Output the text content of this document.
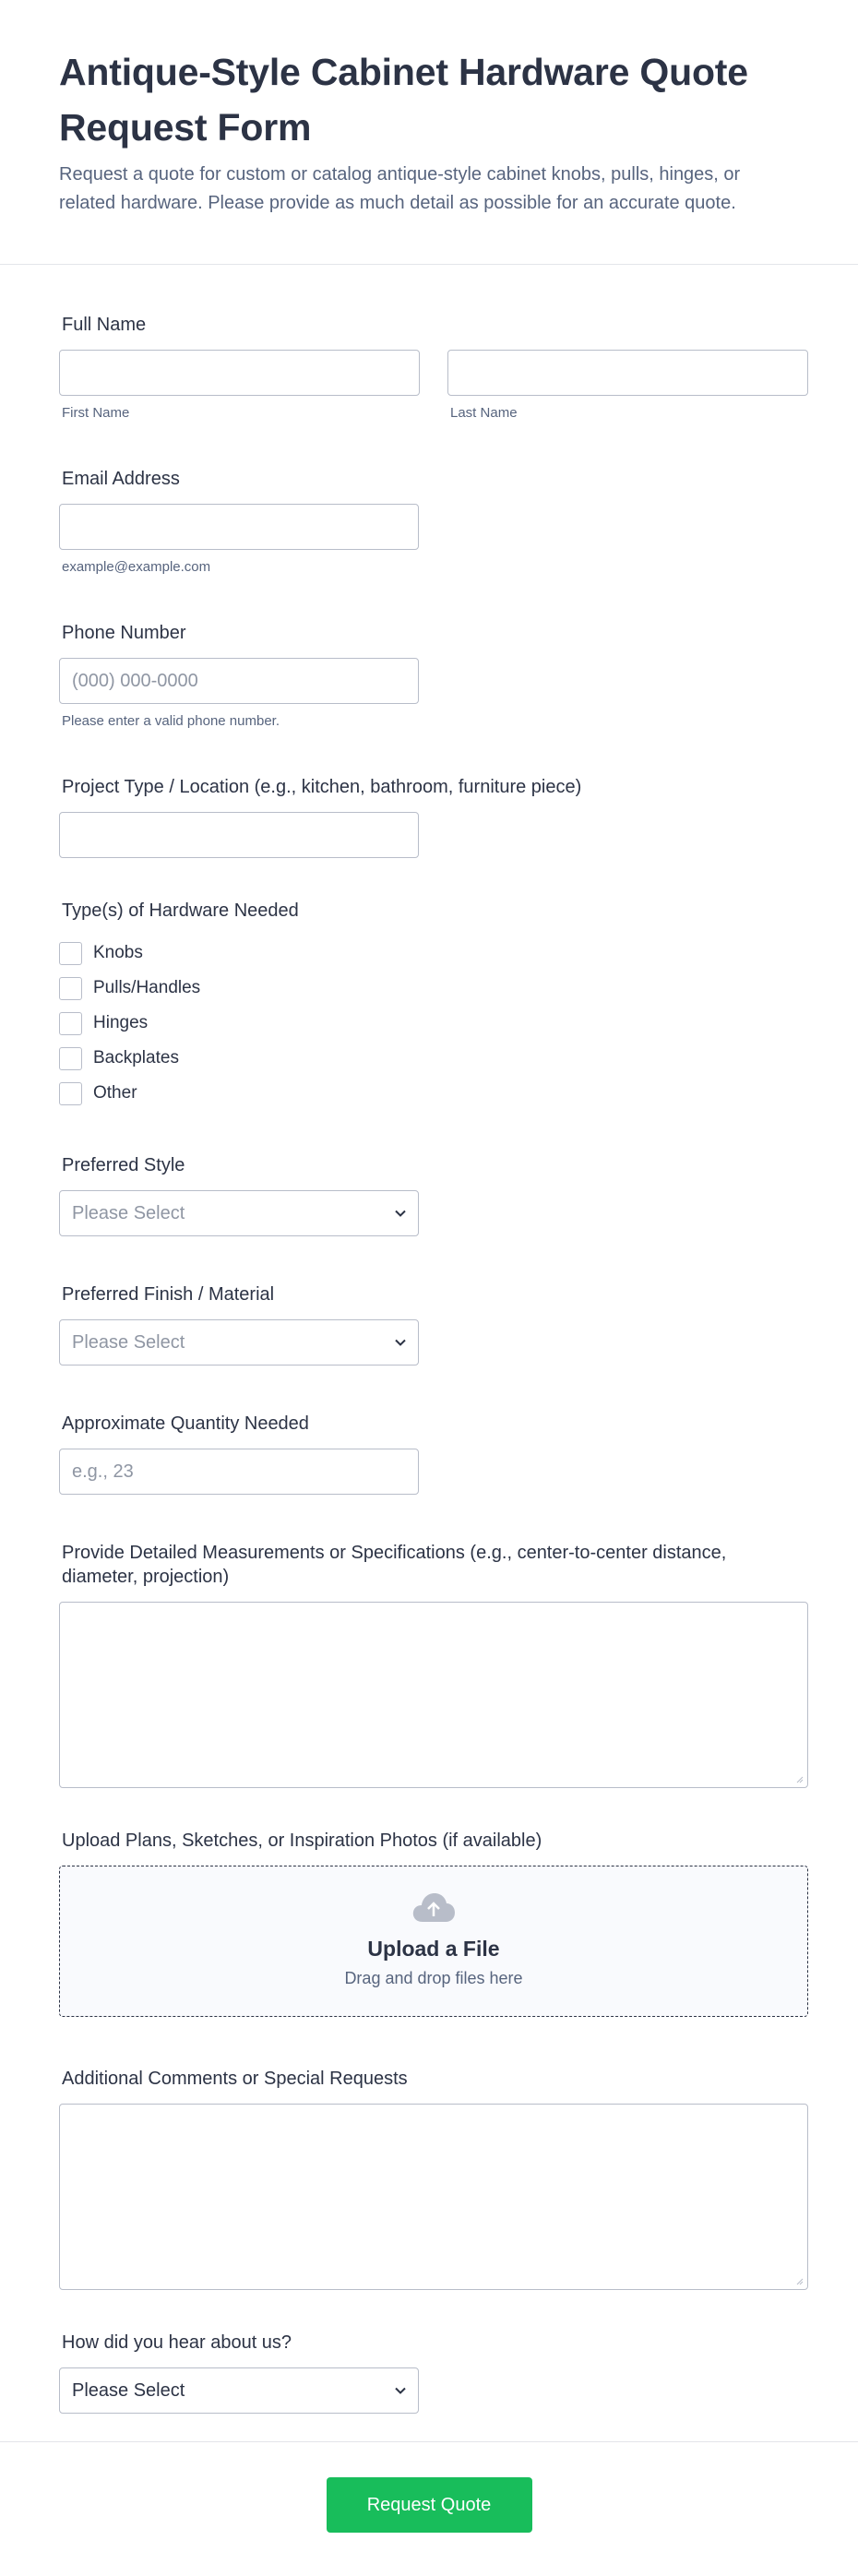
Antique-Style Cabinet Hardware Quote Request Form

Request a quote for custom or catalog antique-style cabinet knobs, pulls, hinges, or related hardware. Please provide as much detail as possible for an accurate quote.

Full Name
First Name	Last Name
Email Address
example@example.com
Phone Number
(000) 000-0000
Please enter a valid phone number.
Project Type / Location (e.g., kitchen, bathroom, furniture piece)
Type(s) of Hardware Needed
Knobs
Pulls/Handles
Hinges
Backplates
Other
Preferred Style
Please Select
Preferred Finish / Material
Please Select
Approximate Quantity Needed
e.g., 23
Provide Detailed Measurements or Specifications (e.g., center-to-center distance, diameter, projection)
Upload Plans, Sketches, or Inspiration Photos (if available)
Upload a File
Drag and drop files here
Additional Comments or Special Requests
How did you hear about us?
Please Select
Request Quote
